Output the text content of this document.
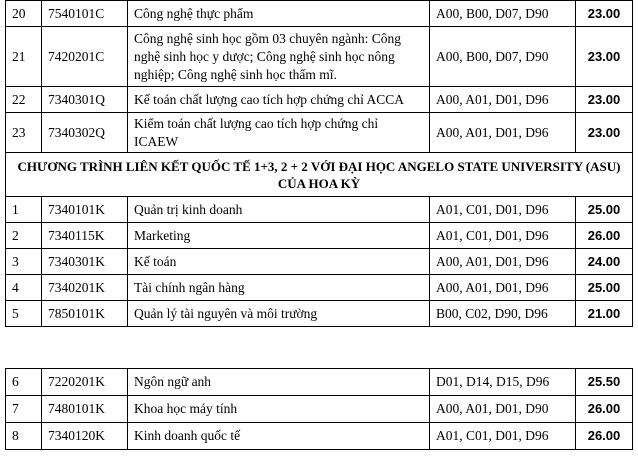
20	7540101C	Công nghệ thực phẩm	A00, B00, D07, D90	23.00
21	7420201C	Công nghệ sinh học gồm 03 chuyên ngành: Công nghệ sinh học y dược; Công nghệ sinh học nông nghiệp; Công nghệ sinh học thẩm mĩ.	A00, B00, D07, D90	23.00
22	7340301Q	Kế toán chất lượng cao tích hợp chứng chỉ ACCA	A00, A01, D01, D96	23.00
23	7340302Q	Kiểm toán chất lượng cao tích hợp chứng chỉ ICAEW	A00, A01, D01, D96	23.00
CHƯƠNG TRÌNH LIÊN KẾT QUỐC TẾ 1+3, 2 + 2 VỚI ĐẠI HỌC ANGELO STATE UNIVERSITY (ASU) CỦA HOA KỲ				
1	7340101K	Quản trị kinh doanh	A01, C01, D01, D96	25.00
2	7340115K	Marketing	A01, C01, D01, D96	26.00
3	7340301K	Kế toán	A00, A01, D01, D96	24.00
4	7340201K	Tài chính ngân hàng	A00, A01, D01, D96	25.00
5	7850101K	Quản lý tài nguyên và môi trường	B00, C02, D90, D96	21.00
6	7220201K	Ngôn ngữ anh	D01, D14, D15, D96	25.50
7	7480101K	Khoa học máy tính	A00, A01, D01, D90	26.00
8	7340120K	Kinh doanh quốc tế	A01, C01, D01, D96	26.00
